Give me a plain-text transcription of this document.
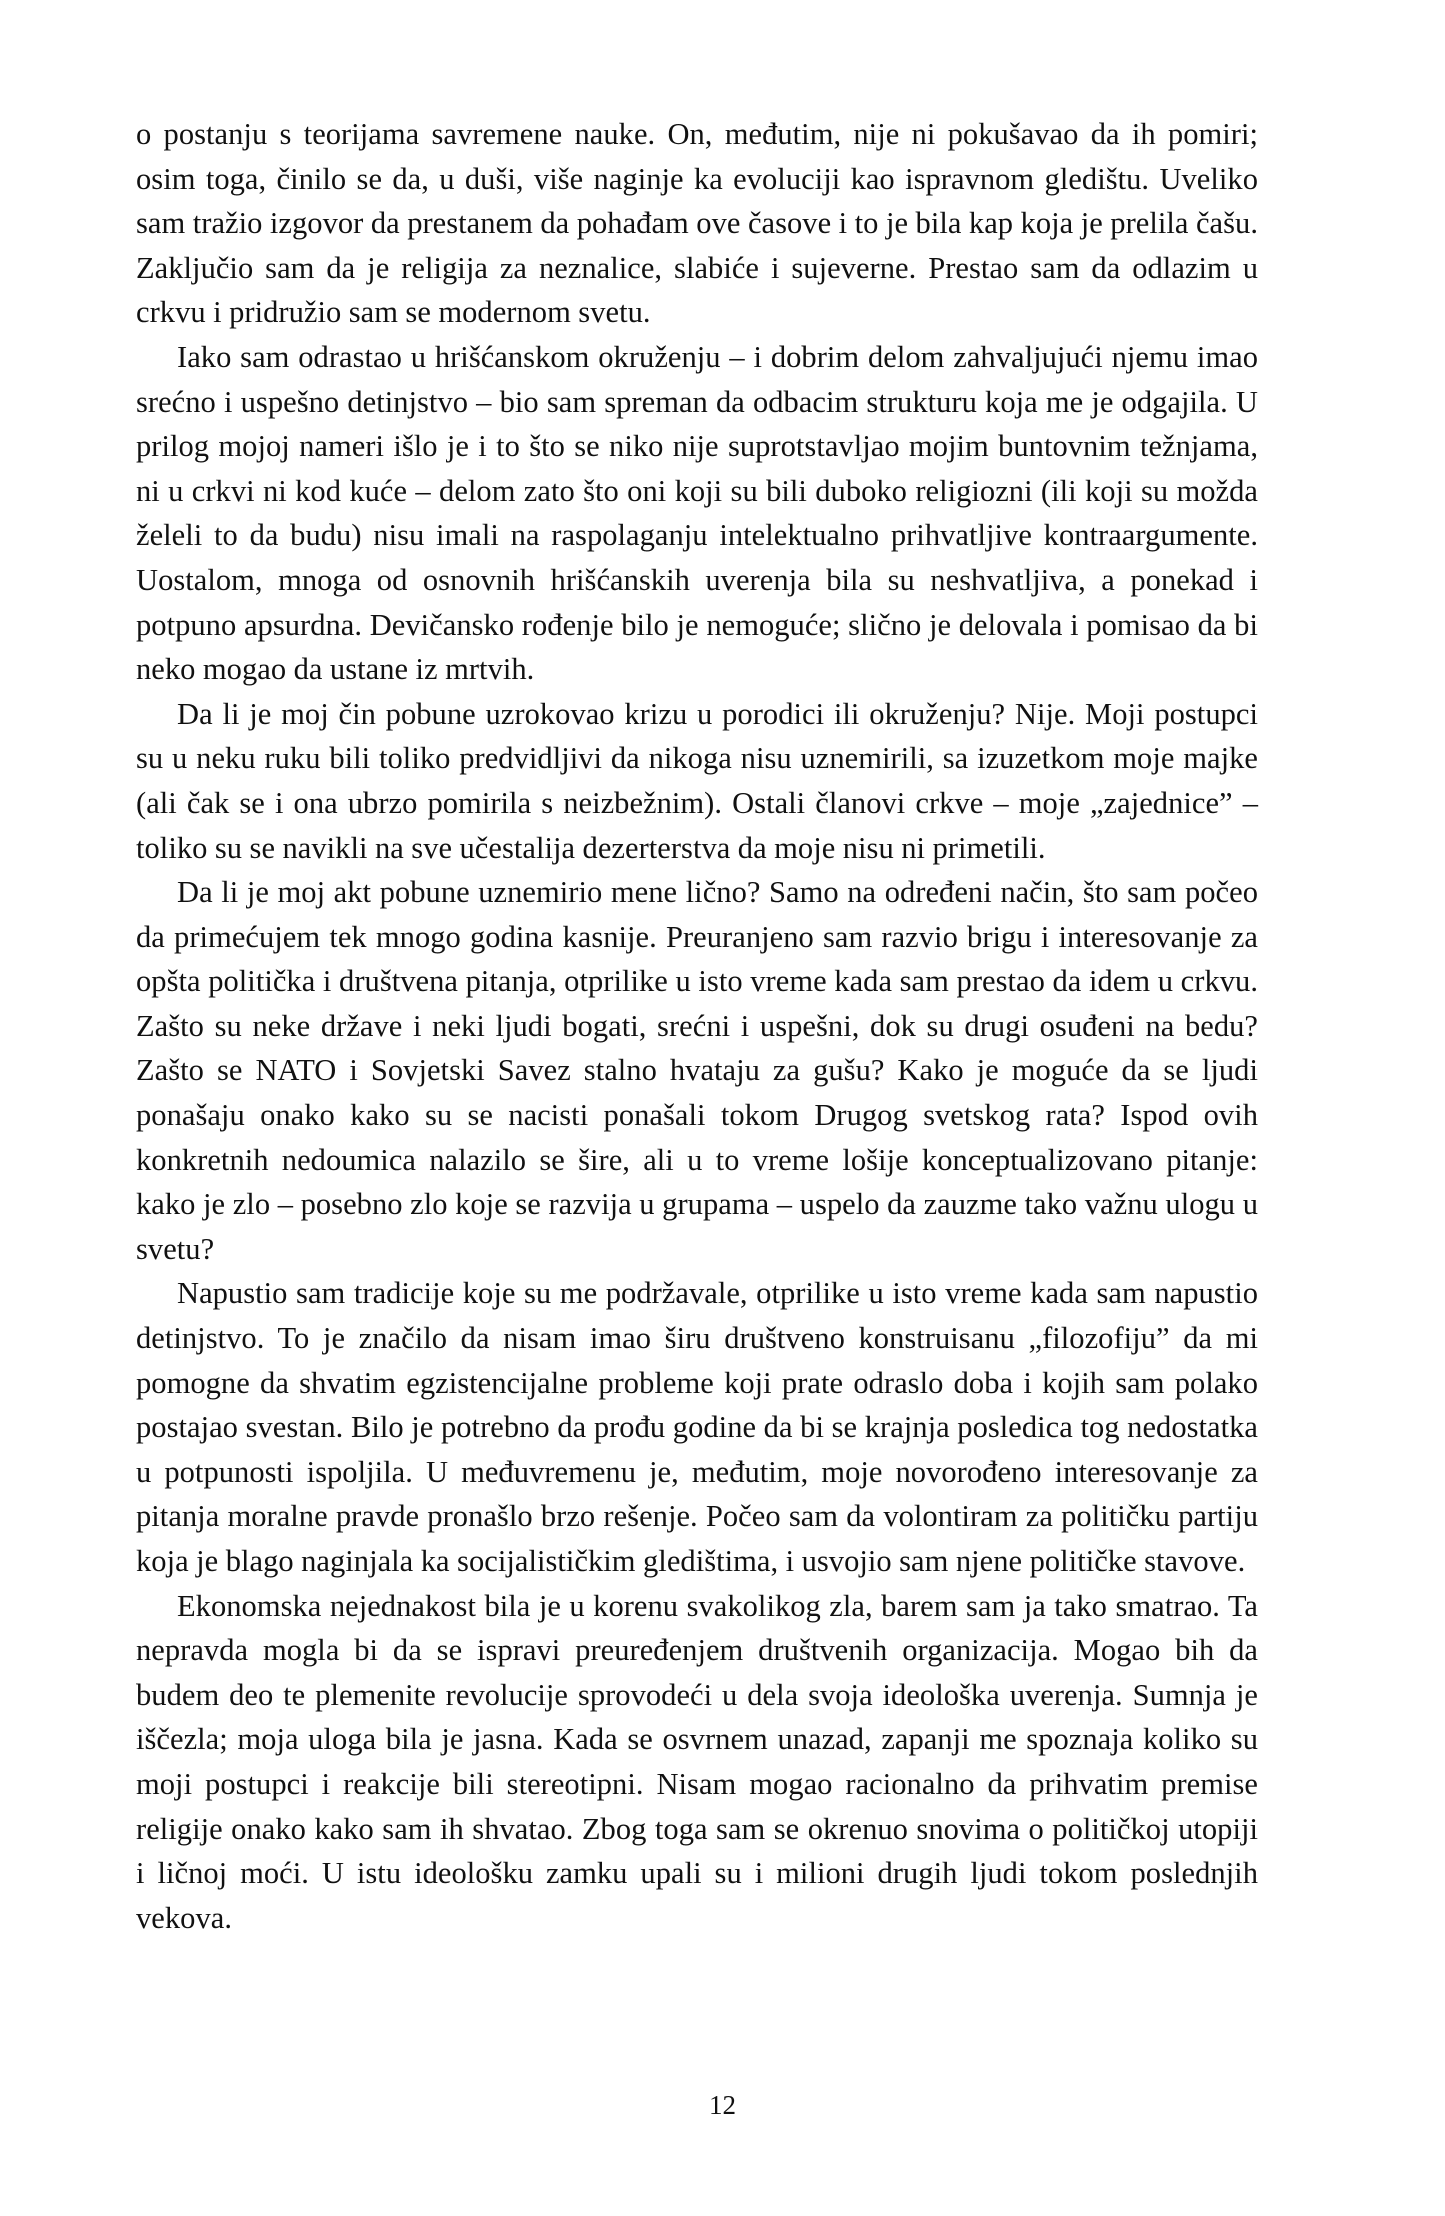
o postanju s teorijama savremene nauke. On, međutim, nije ni pokušavao da ih pomiri; osim toga, činilo se da, u duši, više naginje ka evoluciji kao ispravnom gledištu. Uveliko sam tražio izgovor da prestanem da pohađam ove časove i to je bila kap koja je prelila čašu. Zaključio sam da je religija za neznalice, slabiće i sujeverne. Prestao sam da odlazim u crkvu i pridružio sam se modernom svetu.

Iako sam odrastao u hrišćanskom okruženju – i dobrim delom zahvaljujući njemu imao srećno i uspešno detinjstvo – bio sam spreman da odbacim strukturu koja me je odgajila. U prilog mojoj nameri išlo je i to što se niko nije suprotstavljao mojim buntovnim težnjama, ni u crkvi ni kod kuće – delom zato što oni koji su bili duboko religiozni (ili koji su možda želeli to da budu) nisu imali na raspolaganju intelektualno prihvatljive kontraargumente. Uostalom, mnoga od osnovnih hrišćanskih uverenja bila su neshvatljiva, a ponekad i potpuno apsurdna. Devičansko rođenje bilo je nemoguće; slično je delovala i pomisao da bi neko mogao da ustane iz mrtvih.

Da li je moj čin pobune uzrokovao krizu u porodici ili okruženju? Nije. Moji postupci su u neku ruku bili toliko predvidljivi da nikoga nisu uznemirili, sa izuzetkom moje majke (ali čak se i ona ubrzo pomirila s neizbežnim). Ostali članovi crkve – moje „zajednice” – toliko su se navikli na sve učestalija dezerterstva da moje nisu ni primetili.

Da li je moj akt pobune uznemirio mene lično? Samo na određeni način, što sam počeo da primećujem tek mnogo godina kasnije. Preuranjeno sam razvio brigu i interesovanje za opšta politička i društvena pitanja, otprilike u isto vreme kada sam prestao da idem u crkvu. Zašto su neke države i neki ljudi bogati, srećni i uspešni, dok su drugi osuđeni na bedu? Zašto se NATO i Sovjetski Savez stalno hvataju za gušu? Kako je moguće da se ljudi ponašaju onako kako su se nacisti ponašali tokom Drugog svetskog rata? Ispod ovih konkretnih nedoumica nalazilo se šire, ali u to vreme lošije konceptualizovano pitanje: kako je zlo – posebno zlo koje se razvija u grupama – uspelo da zauzme tako važnu ulogu u svetu?

Napustio sam tradicije koje su me podržavale, otprilike u isto vreme kada sam napustio detinjstvo. To je značilo da nisam imao širu društveno konstruisanu „filozofiju” da mi pomogne da shvatim egzistencijalne probleme koji prate odraslo doba i kojih sam polako postajao svestan. Bilo je potrebno da prođu godine da bi se krajnja posledica tog nedostatka u potpunosti ispoljila. U međuvremenu je, međutim, moje novorođeno interesovanje za pitanja moralne pravde pronašlo brzo rešenje. Počeo sam da volontiram za političku partiju koja je blago naginjala ka socijalističkim gledištima, i usvojio sam njene političke stavove.

Ekonomska nejednakost bila je u korenu svakolikog zla, barem sam ja tako smatrao. Ta nepravda mogla bi da se ispravi preuređenjem društvenih organizacija. Mogao bih da budem deo te plemenite revolucije sprovodeći u dela svoja ideološka uverenja. Sumnja je iščezla; moja uloga bila je jasna. Kada se osvrnem unazad, zapanji me spoznaja koliko su moji postupci i reakcije bili stereotipni. Nisam mogao racionalno da prihvatim premise religije onako kako sam ih shvatao. Zbog toga sam se okrenuo snovima o političkoj utopiji i ličnoj moći. U istu ideološku zamku upali su i milioni drugih ljudi tokom poslednjih vekova.

12
